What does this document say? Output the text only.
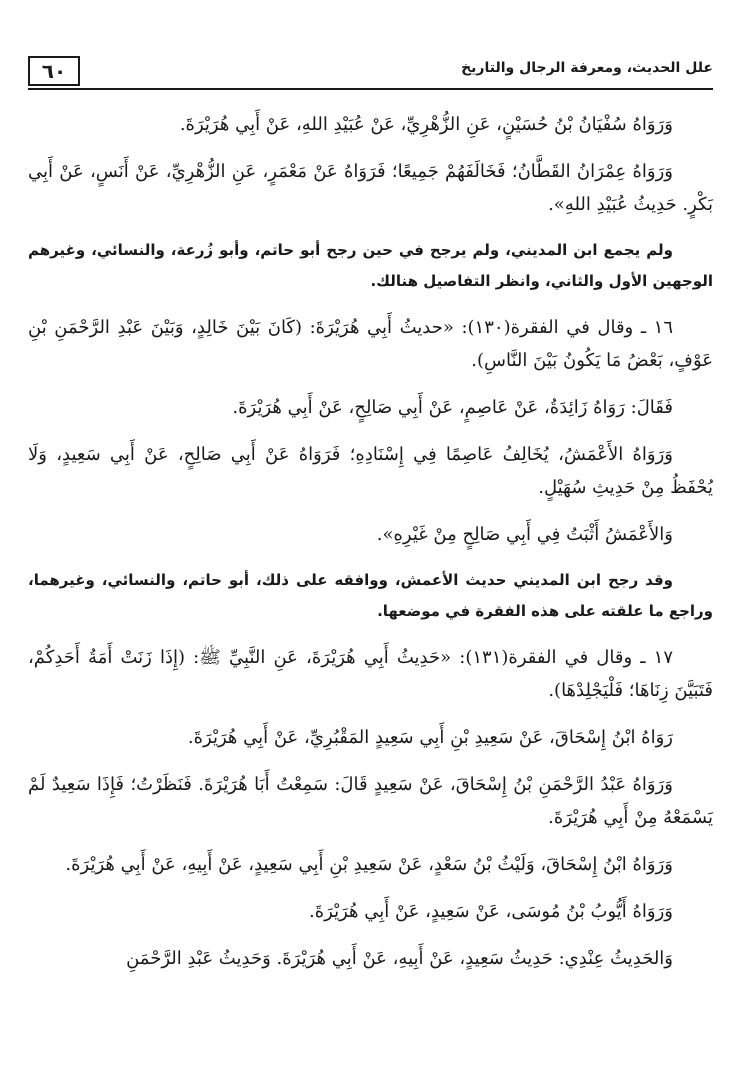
٦٠	علل الحديث، ومعرفة الرجال والتاريخ

وَرَوَاهُ سُفْيَانُ بْنُ حُسَيْنٍ، عَنِ الزُّهْرِيِّ، عَنْ عُبَيْدِ اللهِ، عَنْ أَبِي هُرَيْرَةَ.

وَرَوَاهُ عِمْرَانُ القَطَّانُ؛ فَخَالَفَهُمْ جَمِيعًا؛ فَرَوَاهُ عَنْ مَعْمَرٍ، عَنِ الزُّهْرِيِّ، عَنْ أَنَسٍ، عَنْ أَبِي بَكْرٍ. حَدِيثُ عُبَيْدِ اللهِ».

ولم يجمع ابن المديني، ولم يرجح في حين رجح أبو حاتم، وأبو زُرعة، والنسائي، وغيرهم الوجهين الأول والثاني، وانظر التفاصيل هنالك.

١٦ ـ وقال في الفقرة(١٣٠): «حديثُ أَبِي هُرَيْرَةَ: (كَانَ بَيْنَ خَالِدٍ، وَبَيْنَ عَبْدِ الرَّحْمَنِ بْنِ عَوْفٍ، بَعْضُ مَا يَكُونُ بَيْنَ النَّاسِ).

فَقَالَ: رَوَاهُ زَائِدَةُ، عَنْ عَاصِمٍ، عَنْ أَبِي صَالِحٍ، عَنْ أَبِي هُرَيْرَةَ.

وَرَوَاهُ الأَعْمَشُ، يُخَالِفُ عَاصِمًا فِي إِسْنَادِهِ؛ فَرَوَاهُ عَنْ أَبِي صَالِحٍ، عَنْ أَبِي سَعِيدٍ، وَلَا يُحْفَظُ مِنْ حَدِيثِ سُهَيْلٍ.

وَالأَعْمَشُ أَثْبَتُ فِي أَبِي صَالِحٍ مِنْ غَيْرِهِ».

وقد رجح ابن المديني حديث الأعمش، ووافقه على ذلك، أبو حاتم، والنسائي، وغيرهما، وراجع ما علقته على هذه الفقرة في موضعها.

١٧ ـ وقال في الفقرة(١٣١): «حَدِيثُ أَبِي هُرَيْرَةَ، عَنِ النَّبِيِّ ﷺ: (إِذَا زَنَتْ أَمَةُ أَحَدِكُمْ، فَتَبَيَّنَ زِنَاهَا؛ فَلْيَجْلِدْهَا).

رَوَاهُ ابْنُ إِسْحَاقَ، عَنْ سَعِيدِ بْنِ أَبِي سَعِيدٍ المَقْبُرِيِّ، عَنْ أَبِي هُرَيْرَةَ.

وَرَوَاهُ عَبْدُ الرَّحْمَنِ بْنُ إِسْحَاقَ، عَنْ سَعِيدٍ قَالَ: سَمِعْتُ أَبَا هُرَيْرَةَ. فَنَظَرْتُ؛ فَإِذَا سَعِيدٌ لَمْ يَسْمَعْهُ مِنْ أَبِي هُرَيْرَةَ.

وَرَوَاهُ ابْنُ إِسْحَاقَ، وَلَيْثُ بْنُ سَعْدٍ، عَنْ سَعِيدِ بْنِ أَبِي سَعِيدٍ، عَنْ أَبِيهِ، عَنْ أَبِي هُرَيْرَةَ.

وَرَوَاهُ أَيُّوبُ بْنُ مُوسَى، عَنْ سَعِيدٍ، عَنْ أَبِي هُرَيْرَةَ.

وَالحَدِيثُ عِنْدِي: حَدِيثُ سَعِيدٍ، عَنْ أَبِيهِ، عَنْ أَبِي هُرَيْرَةَ. وَحَدِيثُ عَبْدِ الرَّحْمَنِ
